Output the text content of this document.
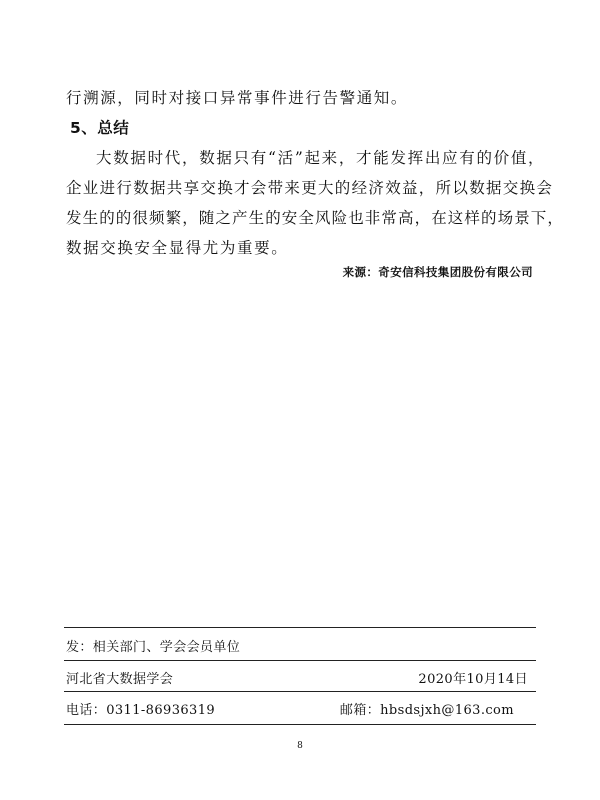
行溯源，同时对接口异常事件进行告警通知。
5、总结
大数据时代，数据只有“活”起来，才能发挥出应有的价值，
企业进行数据共享交换才会带来更大的经济效益，所以数据交换会
发生的的很频繁，随之产生的安全风险也非常高，在这样的场景下，
数据交换安全显得尤为重要。
来源：奇安信科技集团股份有限公司
发：相关部门、学会会员单位
河北省大数据学会	2020年10月14日
电话：0311-86936319	邮箱：hbsdsjxh@163.com
8
